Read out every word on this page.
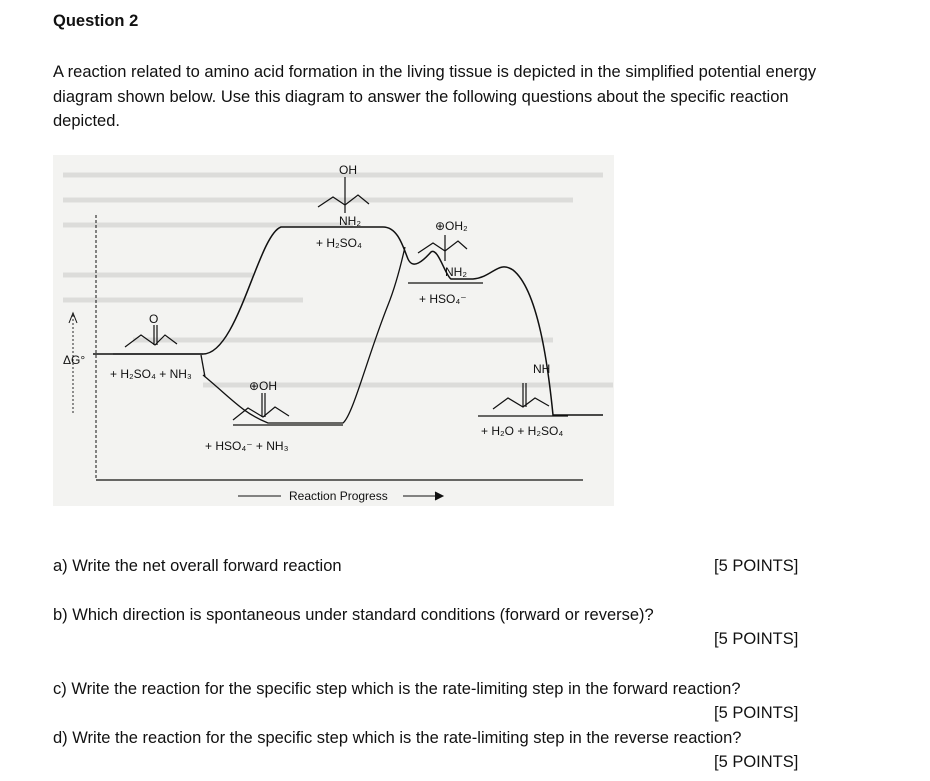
Question 2
A reaction related to amino acid formation in the living tissue is depicted in the simplified potential energy diagram shown below. Use this diagram to answer the following questions about the specific reaction depicted.
ΔG°
O
OH
NH₂
+ H₂SO₄
⊕OH₂
NH₂
+ HSO₄⁻
⊕OH
+ HSO₄⁻ + NH₃
NH
+ H₂O + H₂SO₄
+ H₂SO₄ + NH₃
Reaction Progress
a) Write the net overall forward reaction	[5 POINTS]
b) Which direction is spontaneous under standard conditions (forward or reverse)?
[5 POINTS]
c) Write the reaction for the specific step which is the rate-limiting step in the forward reaction?
[5 POINTS]
d) Write the reaction for the specific step which is the rate-limiting step in the reverse reaction?
[5 POINTS]
